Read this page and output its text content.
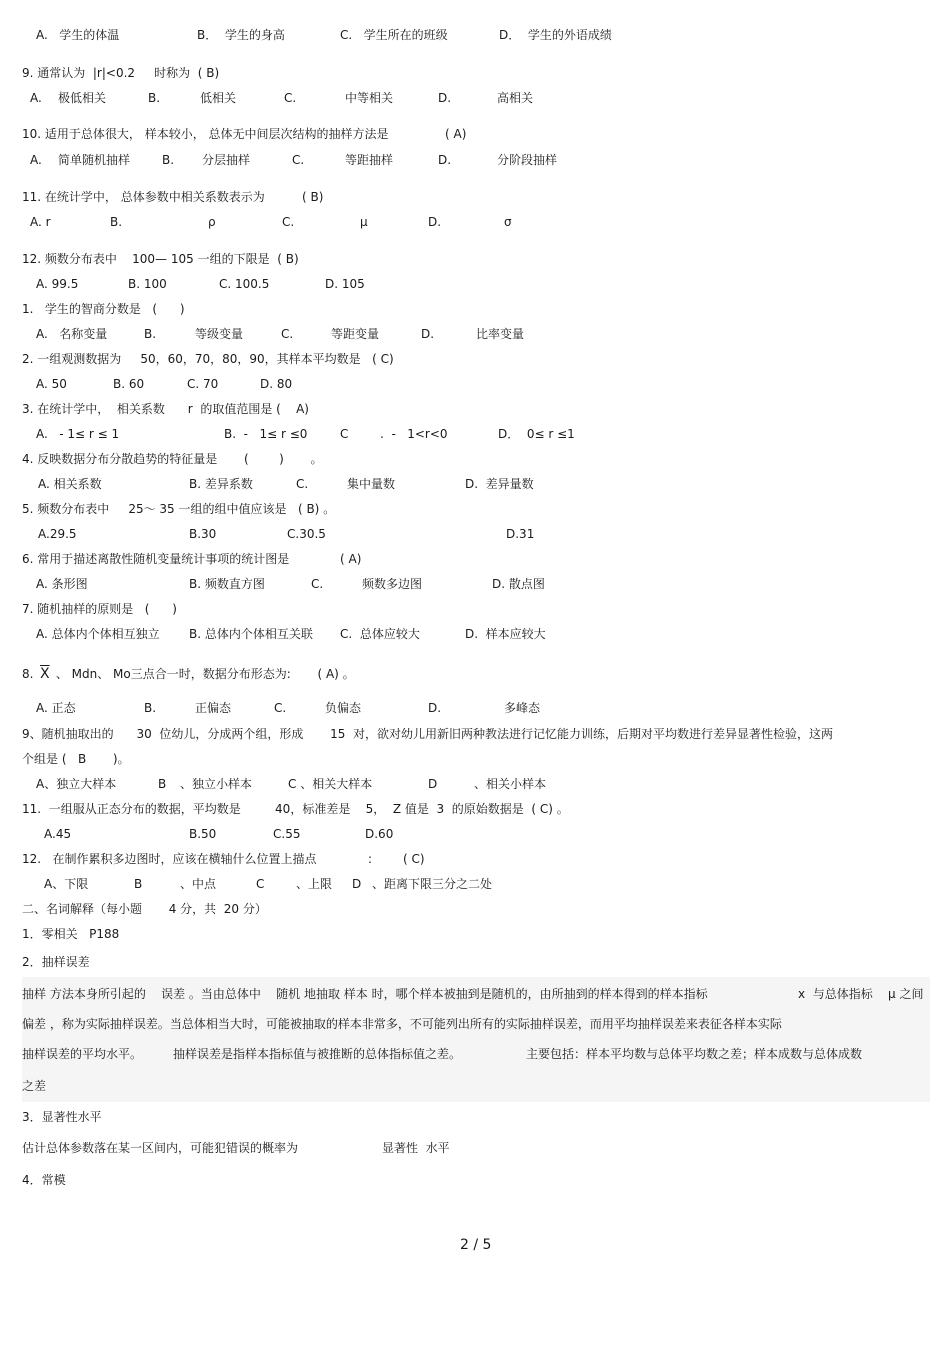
A.   学生的体温	B．  学生的身高	C.   学生所在的班级	D．  学生的外语成绩
9. 通常认为  |r|<0.2     时称为  ( B)
A. 极低相关	B.	低相关	C.	中等相关	D.	高相关
10. 适用于总体很大， 样本较小， 总体无中间层次结构的抽样方法是	( A)
A. 简单随机抽样	B. 分层抽样	C.	等距抽样	D.	分阶段抽样
11. 在统计学中， 总体参数中相关系数表示为	( B)
A. r	B.	ρ	C.	μ	D.	σ
12. 频数分布表中    100— 105 一组的下限是  ( B)
A. 99.5	B. 100	C. 100.5	D. 105
1.   学生的智商分数是   (      )
A.   名称变量	B.	等级变量	C.	等距变量	D.	比率变量
2. 一组观测数据为     50，60，70，80，90，其样本平均数是   ( C)
A. 50	B. 60	C. 70	D. 80
3. 在统计学中，  相关系数      r  的取值范围是 (    A)
A.   - 1≤ r ≤ 1	B.  -   1≤ r ≤0	C	.  -   1<r<0	D．  0≤ r ≤1
4. 反映数据分布分散趋势的特征量是       (        )       。
A. 相关系数	B. 差异系数	C.	集中量数	D.  差异量数
5. 频数分布表中     25～ 35 一组的组中值应该是   ( B) 。
A.29.5	B.30	C.30.5	D.31
6. 常用于描述离散性随机变量统计事项的统计图是	( A)
A. 条形图	B. 频数直方图	C.	频数多边图	D. 散点图
7. 随机抽样的原则是   (      )
A. 总体内个体相互独立 B. 总体内个体相互关联 C.  总体应较大	D.  样本应较大
A. 正态	B.	正偏态	C.	负偏态	D.	多峰态
9、随机抽取出的      30  位幼儿，分成两个组，形成       15  对，欲对幼儿用新旧两种教法进行记忆能力训练，后期对平均数进行差异显著性检验，这两
个组是 (   B       )。
A、独立大样本	B 、独立小样本	C 、相关大样本	D	、相关小样本
11.  一组服从正态分布的数据，平均数是         40，标准差是    5，  Z 值是  3  的原始数据是  ( C) 。
A.45	B.50	C.55	D.60
12.   在制作累积多边图时，应该在横轴什么位置上描点	:	( C)
A、下限	B	、中点	C	、上限 D 、距离下限三分之二处
二、名词解释（每小题       4 分，共  20 分）
1．零相关   P188
2．抽样误差
抽样 方法本身所引起的    误差 。当由总体中    随机 地抽取 样本 时，哪个样本被抽到是随机的，由所抽到的样本得到的样本指标	x  与总体指标    μ 之间
偏差 ，称为实际抽样误差。当总体相当大时，可能被抽取的样本非常多，不可能列出所有的实际抽样误差，而用平均抽样误差来表征各样本实际
抽样误差的平均水平。	抽样误差是指样本指标值与被推断的总体指标值之差。	主要包括：样本平均数与总体平均数之差；样本成数与总体成数
之差
3．显著性水平
估计总体参数落在某一区间内，可能犯错误的概率为	显著性  水平
4．常模
8. $\overline{X}$ 、 Mdn、 Mo三点合一时，数据分布形态为:       ( A) 。
2 / 5
